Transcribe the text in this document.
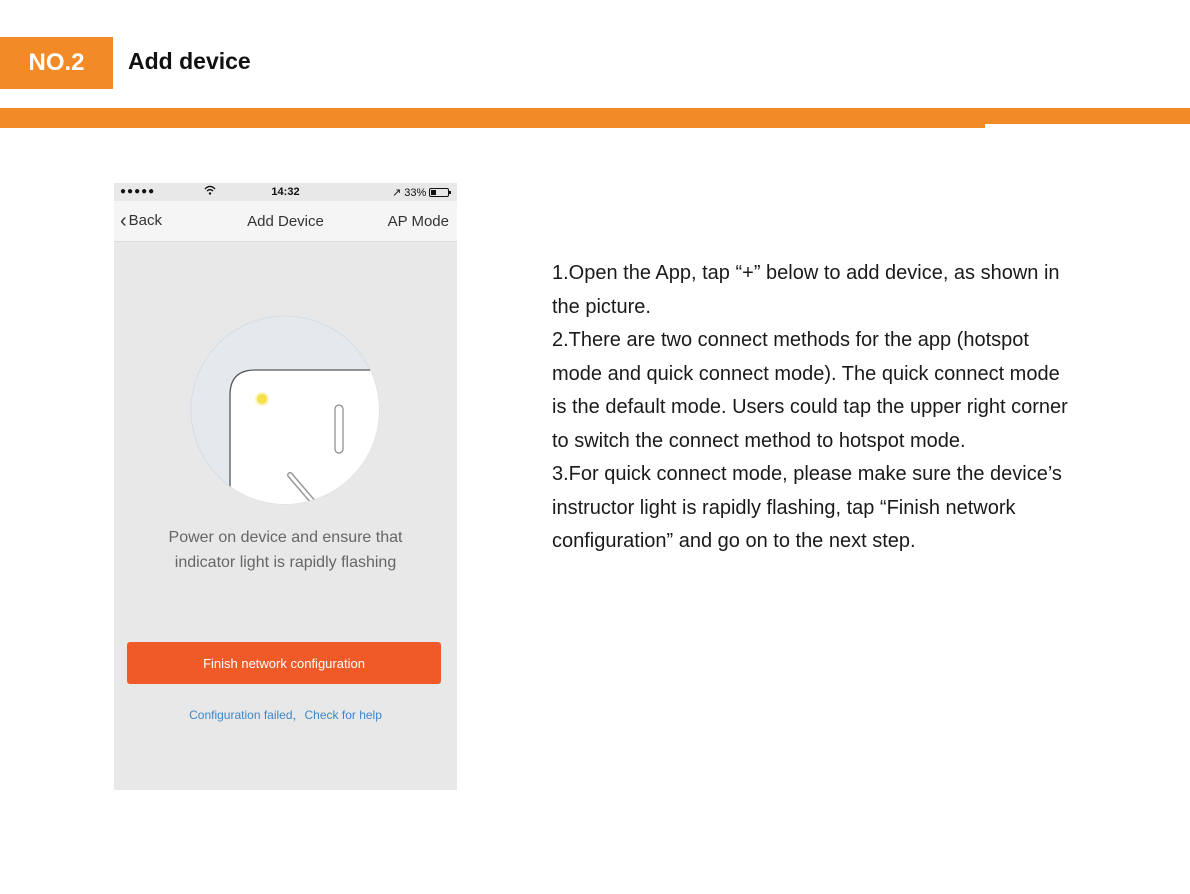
NO.2	Add device
●●●●●	14:32	↗ 33%
‹ Back	Add Device	AP Mode
Power on device and ensure that
indicator light is rapidly flashing
Finish network configuration
Configuration failed，Check for help

1.Open the App, tap “+” below to add device, as shown in the picture.

2.There are two connect methods for the app (hotspot mode and quick connect mode). The quick connect mode is the default mode. Users could tap the upper right corner to switch the connect method to hotspot mode.

3.For quick connect mode, please make sure the device’s instructor light is rapidly flashing, tap “Finish network configuration” and go on to the next step.
